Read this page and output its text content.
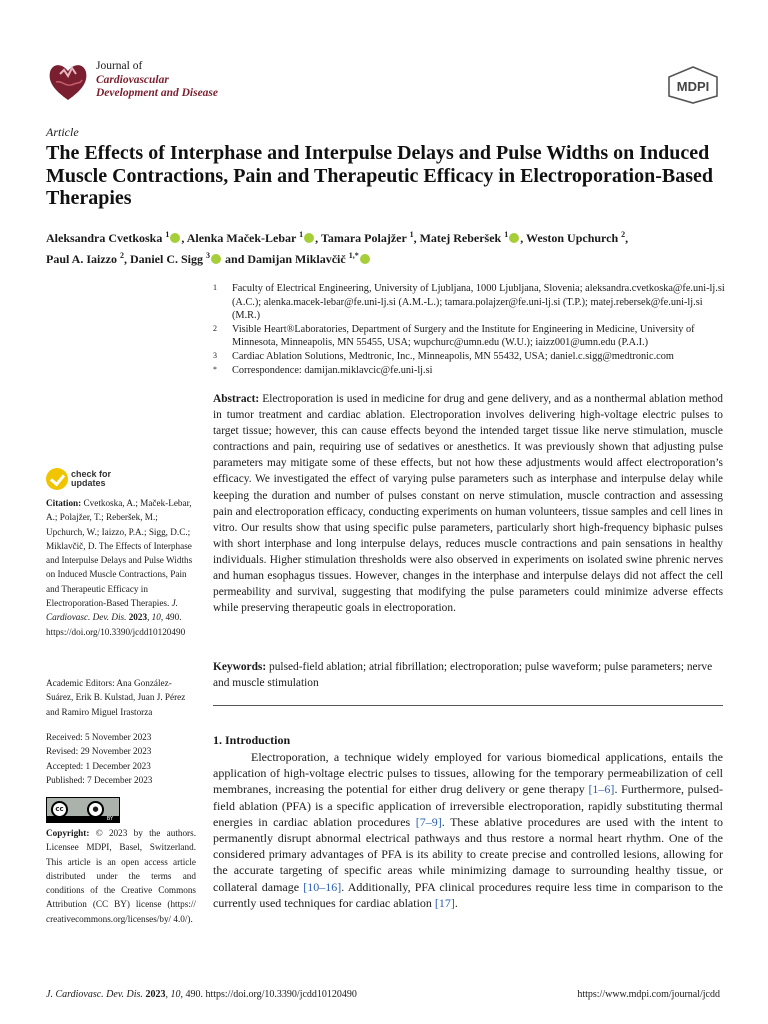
Journal of
Cardiovascular
Development and Disease	MDPI
Article
The Effects of Interphase and Interpulse Delays and Pulse Widths on Induced Muscle Contractions, Pain and Therapeutic Efficacy in Electroporation-Based Therapies
Aleksandra Cvetkoska $^1$ , Alenka Maček-Lebar $^1$ , Tamara Polajžer $^1$, Matej Reberšek $^1$ , Weston Upchurch $^2$,
Paul A. Iaizzo $^2$, Daniel C. Sigg $^3$ and Damijan Miklavčič $^{1,*}$
1 Faculty of Electrical Engineering, University of Ljubljana, 1000 Ljubljana, Slovenia; aleksandra.cvetkoska@fe.uni-lj.si (A.C.); alenka.macek-lebar@fe.uni-lj.si (A.M.-L.); tamara.polajzer@fe.uni-lj.si (T.P.); matej.rebersek@fe.uni-lj.si (M.R.)
2 Visible Heart®Laboratories, Department of Surgery and the Institute for Engineering in Medicine, University of Minnesota, Minneapolis, MN 55455, USA; wupchurc@umn.edu (W.U.); iaizz001@umn.edu (P.A.I.)
3 Cardiac Ablation Solutions, Medtronic, Inc., Minneapolis, MN 55432, USA; daniel.c.sigg@medtronic.com
* Correspondence: damijan.miklavcic@fe.uni-lj.si
Abstract: Electroporation is used in medicine for drug and gene delivery, and as a nonthermal ablation method in tumor treatment and cardiac ablation. Electroporation involves delivering high-voltage electric pulses to target tissue; however, this can cause effects beyond the intended target tissue like nerve stimulation, muscle contractions and pain, requiring use of sedatives or anesthetics. It was previously shown that adjusting pulse parameters may mitigate some of these effects, but not how these adjustments would affect electroporation’s efficacy. We investigated the effect of varying pulse parameters such as interphase and interpulse delay while keeping the duration and number of pulses constant on nerve stimulation, muscle contraction and assessing pain and electroporation efficacy, conducting experiments on human volunteers, tissue samples and cell lines in vitro. Our results show that using specific pulse parameters, particularly short high-frequency biphasic pulses with short interphase and long interpulse delays, reduces muscle contractions and pain sensations in healthy individuals. Higher stimulation thresholds were also observed in experiments on isolated swine phrenic nerves and human esophagus tissues. However, changes in the interphase and interpulse delays did not affect the cell permeability and survival, suggesting that modifying the pulse parameters could minimize adverse effects while preserving therapeutic goals in electroporation.
Keywords: pulsed-field ablation; atrial fibrillation; electroporation; pulse waveform; pulse parameters; nerve and muscle stimulation
check for
updates
Citation: Cvetkoska, A.; Maček-Lebar, A.; Polajžer, T.; Reberšek, M.; Upchurch, W.; Iaizzo, P.A.; Sigg, D.C.; Miklavčič, D. The Effects of Interphase and Interpulse Delays and Pulse Widths on Induced Muscle Contractions, Pain and Therapeutic Efficacy in Electroporation-Based Therapies. J. Cardiovasc. Dev. Dis. 2023, 10, 490. https://doi.org/10.3390/jcdd10120490
Academic Editors: Ana González-Suárez, Erik B. Kulstad, Juan J. Pérez and Ramiro Miguel Irastorza
Received: 5 November 2023
Revised: 29 November 2023
Accepted: 1 December 2023
Published: 7 December 2023
cc	●
BY
Copyright: © 2023 by the authors. Licensee MDPI, Basel, Switzerland. This article is an open access article distributed under the terms and conditions of the Creative Commons Attribution (CC BY) license (https:// creativecommons.org/licenses/by/ 4.0/).
1. Introduction
Electroporation, a technique widely employed for various biomedical applications, entails the application of high-voltage electric pulses to tissues, allowing for the temporary permeabilization of cell membranes, increasing the potential for either drug delivery or gene therapy [1–6]. Furthermore, pulsed-field ablation (PFA) is a specific application of irreversible electroporation, rapidly substituting thermal energies in cardiac ablation procedures [7–9]. These ablative procedures are used with the intent to permanently disrupt abnormal electrical pathways and thus restore a normal heart rhythm. One of the considered primary advantages of PFA is its ability to create precise and controlled lesions, allowing for the accurate targeting of specific areas while minimizing damage to surrounding healthy tissue, or collateral damage [10–16]. Additionally, PFA clinical procedures require less time in comparison to the currently used techniques for cardiac ablation [17].
J. Cardiovasc. Dev. Dis. 2023, 10, 490. https://doi.org/10.3390/jcdd10120490	https://www.mdpi.com/journal/jcdd
